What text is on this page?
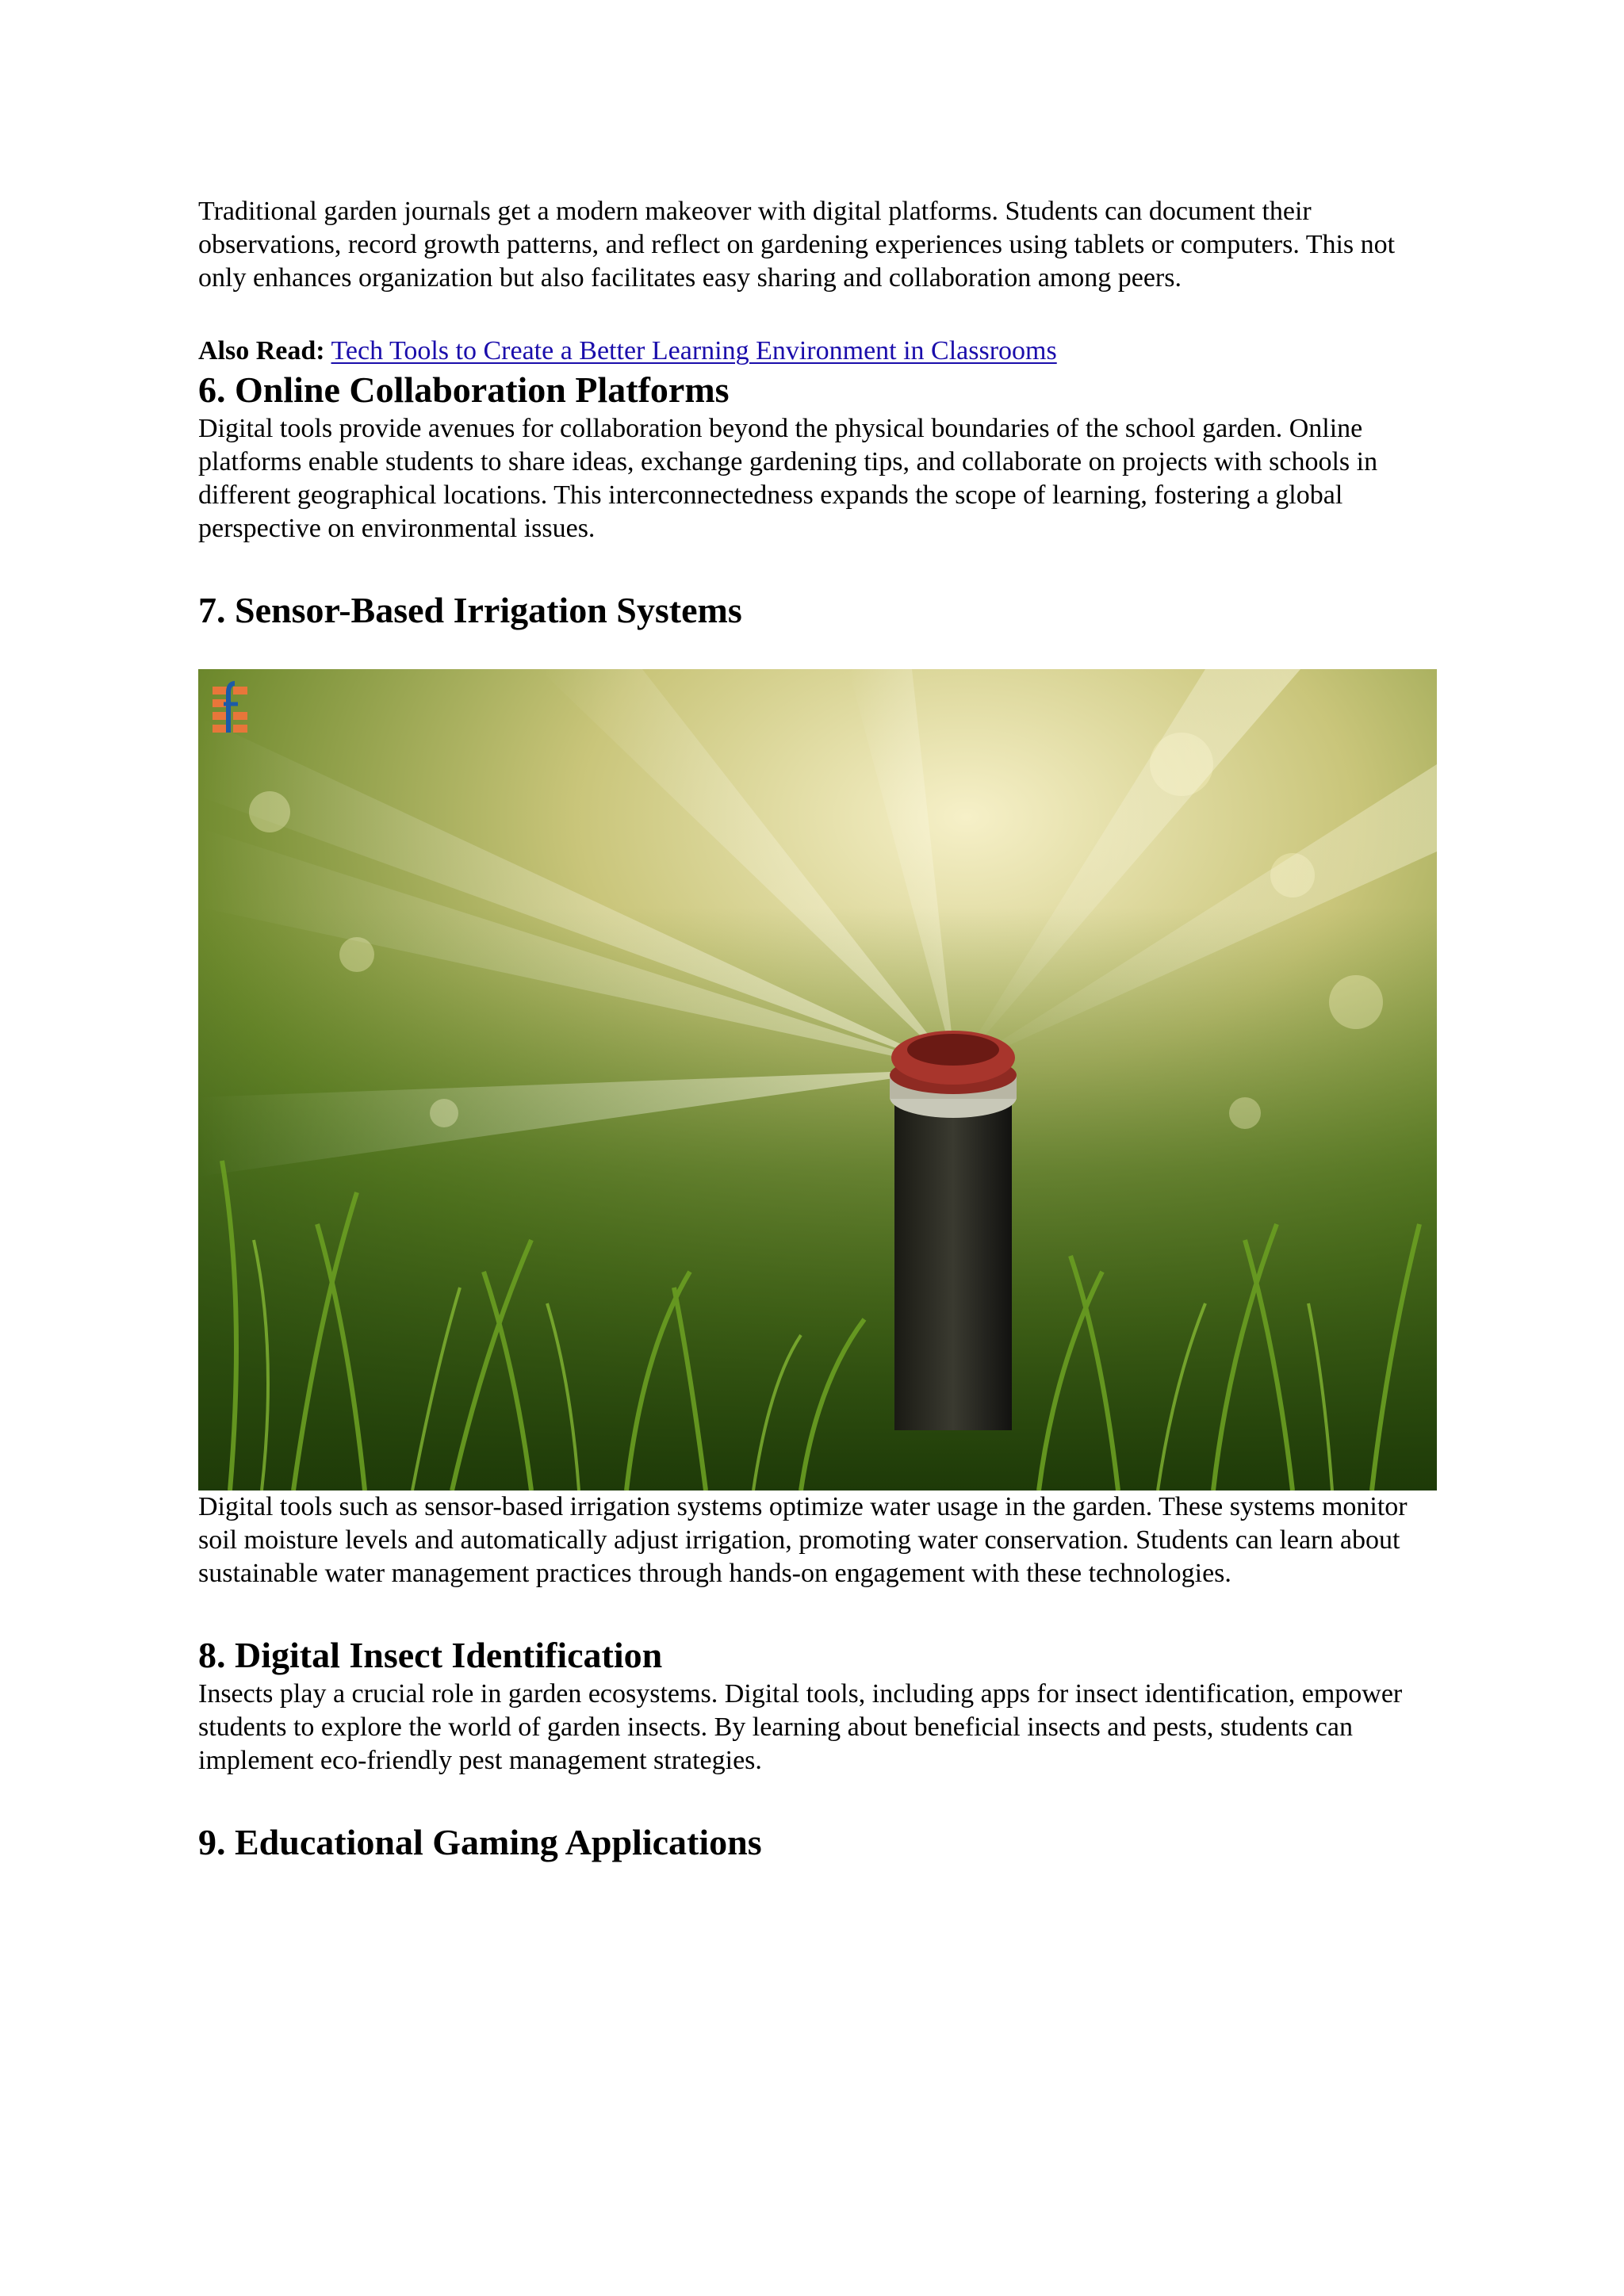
Traditional garden journals get a modern makeover with digital platforms. Students can document their observations, record growth patterns, and reflect on gardening experiences using tablets or computers. This not only enhances organization but also facilitates easy sharing and collaboration among peers.

Also Read: Tech Tools to Create a Better Learning Environment in Classrooms
6. Online Collaboration Platforms

Digital tools provide avenues for collaboration beyond the physical boundaries of the school garden. Online platforms enable students to share ideas, exchange gardening tips, and collaborate on projects with schools in different geographical locations. This interconnectedness expands the scope of learning, fostering a global perspective on environmental issues.

7. Sensor-Based Irrigation Systems

Digital tools such as sensor-based irrigation systems optimize water usage in the garden. These systems monitor soil moisture levels and automatically adjust irrigation, promoting water conservation. Students can learn about sustainable water management practices through hands-on engagement with these technologies.

8. Digital Insect Identification

Insects play a crucial role in garden ecosystems. Digital tools, including apps for insect identification, empower students to explore the world of garden insects. By learning about beneficial insects and pests, students can implement eco-friendly pest management strategies.

9. Educational Gaming Applications
